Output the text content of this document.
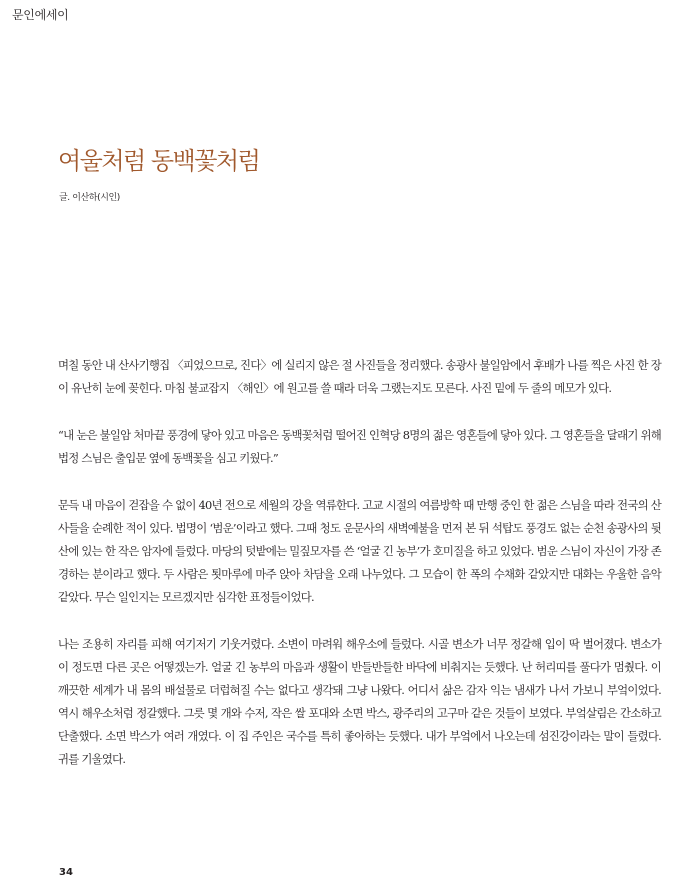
문인에세이
여울처럼 동백꽃처럼
글. 이산하(시인)

며칠 동안 내 산사기행집 〈피었으므로, 진다〉에 실리지 않은 절 사진들을 정리했다. 송광사 불일암에서 후배가 나를 찍은 사진 한 장이 유난히 눈에 꽂힌다. 마침 불교잡지 〈해인〉에 원고를 쓸 때라 더욱 그랬는지도 모른다. 사진 밑에 두 줄의 메모가 있다.

“내 눈은 불일암 처마끝 풍경에 닿아 있고 마음은 동백꽃처럼 떨어진 인혁당 8명의 젊은 영혼들에 닿아 있다. 그 영혼들을 달래기 위해 법정 스님은 출입문 옆에 동백꽃을 심고 키웠다.”

문득 내 마음이 걷잡을 수 없이 40년 전으로 세월의 강을 역류한다. 고교 시절의 여름방학 때 만행 중인 한 젊은 스님을 따라 전국의 산사들을 순례한 적이 있다. 법명이 ‘범운’이라고 했다. 그때 청도 운문사의 새벽예불을 먼저 본 뒤 석탑도 풍경도 없는 순천 송광사의 뒷산에 있는 한 작은 암자에 들렀다. 마당의 텃밭에는 밀짚모자를 쓴 ‘얼굴 긴 농부’가 호미질을 하고 있었다. 범운 스님이 자신이 가장 존경하는 분이라고 했다. 두 사람은 툇마루에 마주 앉아 차담을 오래 나누었다. 그 모습이 한 폭의 수채화 같았지만 대화는 우울한 음악 같았다. 무슨 일인지는 모르겠지만 심각한 표정들이었다.

나는 조용히 자리를 피해 여기저기 기웃거렸다. 소변이 마려워 해우소에 들렀다. 시골 변소가 너무 정갈해 입이 딱 벌어졌다. 변소가 이 정도면 다른 곳은 어떻겠는가. 얼굴 긴 농부의 마음과 생활이 반들반들한 바닥에 비춰지는 듯했다. 난 허리띠를 풀다가 멈췄다. 이 깨끗한 세계가 내 몸의 배설물로 더럽혀질 수는 없다고 생각돼 그냥 나왔다. 어디서 삶은 감자 익는 냄새가 나서 가보니 부엌이었다. 역시 해우소처럼 정갈했다. 그릇 몇 개와 수저, 작은 쌀 포대와 소면 박스, 광주리의 고구마 같은 것들이 보였다. 부엌살림은 간소하고 단출했다. 소면 박스가 여러 개였다. 이 집 주인은 국수를 특히 좋아하는 듯했다. 내가 부엌에서 나오는데 섬진강이라는 말이 들렸다. 귀를 기울였다.

34
